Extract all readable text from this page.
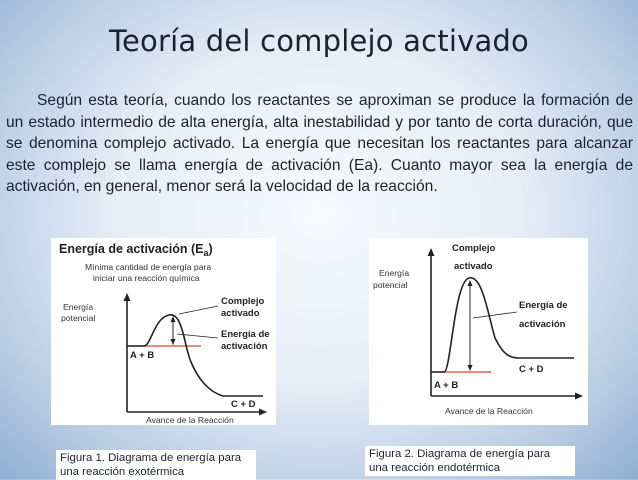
Teoría del complejo activado

Según esta teoría, cuando los reactantes se aproximan se produce la formación de un estado intermedio de alta energía, alta inestabilidad y por tanto de corta duración, que se denomina complejo activado. La energía que necesitan los reactantes para alcanzar este complejo se llama energía de activación (Ea). Cuanto mayor sea la energía de activación, en general, menor será la velocidad de la reacción.

Energía de activación $(E_a)$
Mínima cantidad de energía para
iniciar una reacción química
Energía
potencial
Complejo
activado
Energía de
activación
A + B
C + D
Avance de la Reacción
Complejo
activado
Energía
potencial
Energía de
activación
A + B
C + D
Avance de la Reacción
Figura 1. Diagrama de energía para
una reacción exotérmica
Figura 2. Diagrama de energía para
una reacción endotérmica
